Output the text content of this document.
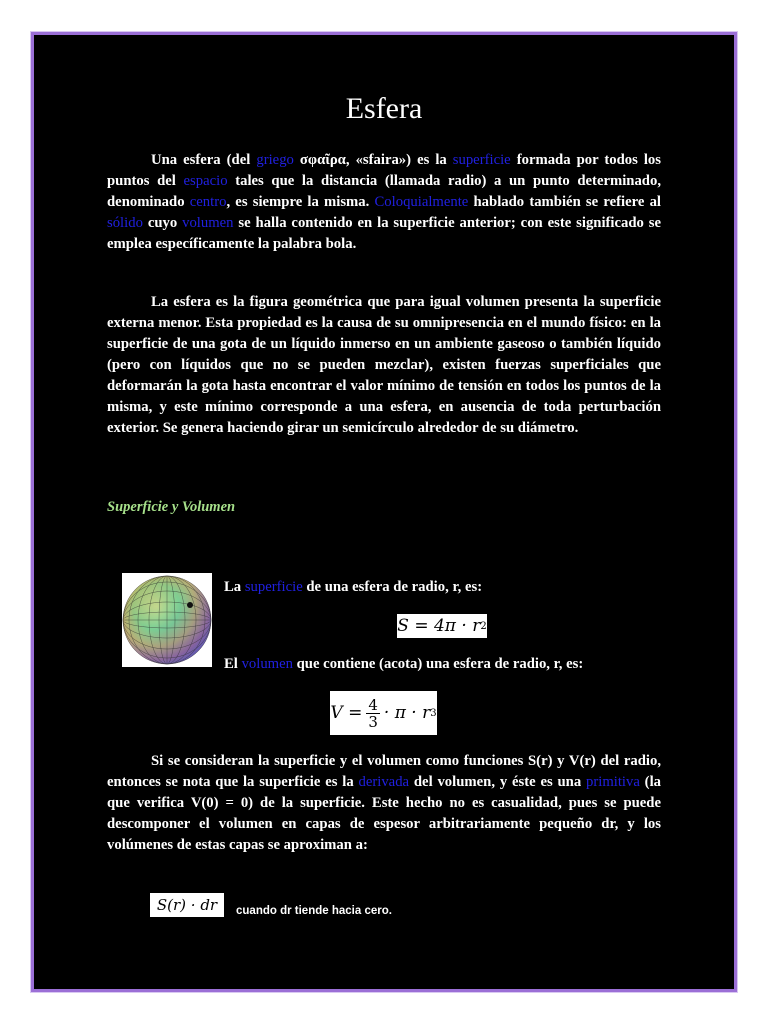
Esfera

Una esfera (del griego σφαῖρα, «sfaira») es la superficie formada por todos los puntos del espacio tales que la distancia (llamada radio) a un punto determinado, denominado centro, es siempre la misma. Coloquialmente hablado también se refiere al sólido cuyo volumen se halla contenido en la superficie anterior; con este significado se emplea específicamente la palabra bola.

La esfera es la figura geométrica que para igual volumen presenta la superficie externa menor. Esta propiedad es la causa de su omnipresencia en el mundo físico: en la superficie de una gota de un líquido inmerso en un ambiente gaseoso o también líquido (pero con líquidos que no se pueden mezclar), existen fuerzas superficiales que deformarán la gota hasta encontrar el valor mínimo de tensión en todos los puntos de la misma, y este mínimo corresponde a una esfera, en ausencia de toda perturbación exterior. Se genera haciendo girar un semicírculo alrededor de su diámetro.

Superficie y Volumen

La superficie de una esfera de radio, r, es:

S = 4π · r 2

El volumen que contiene (acota) una esfera de radio, r, es:

$V = \frac{4}{3} \cdot \pi \cdot r$ 3

Si se consideran la superficie y el volumen como funciones S(r) y V(r) del radio, entonces se nota que la superficie es la derivada del volumen, y éste es una primitiva (la que verifica V(0) = 0) de la superficie. Este hecho no es casualidad, pues se puede descomponer el volumen en capas de espesor arbitrariamente pequeño dr, y los volúmenes de estas capas se aproximan a:

S(r) · dr	cuando dr tiende hacia cero.
